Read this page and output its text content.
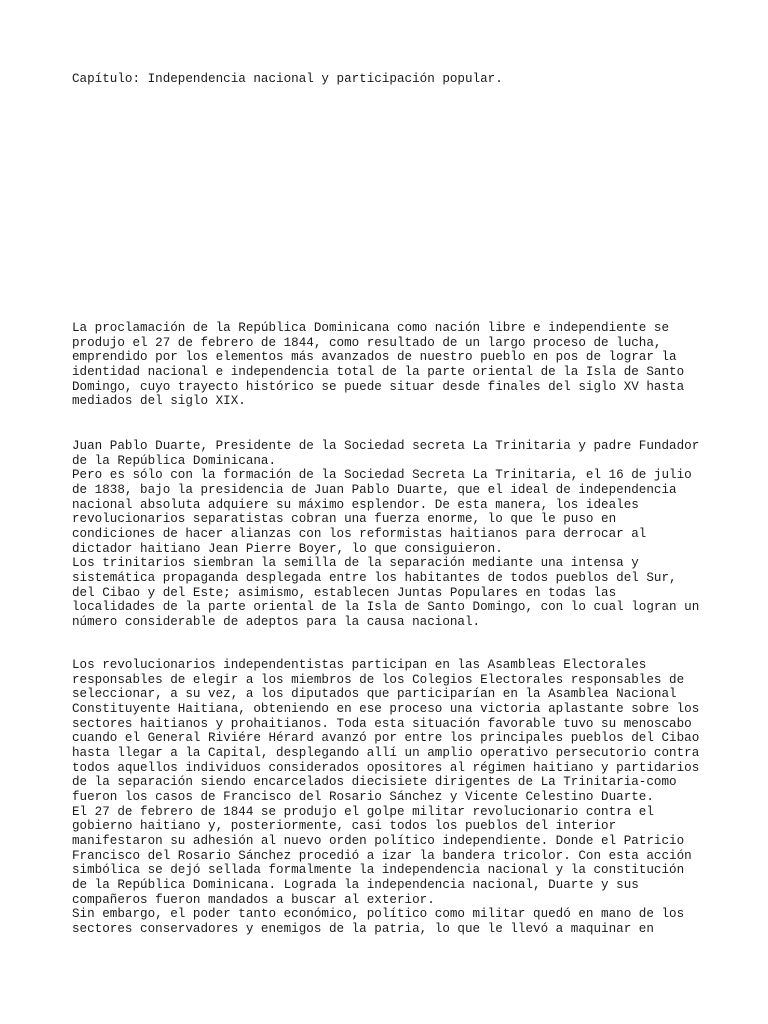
Capítulo: Independencia nacional y participación popular.

La proclamación de la República Dominicana como nación libre e independiente se
produjo el 27 de febrero de 1844, como resultado de un largo proceso de lucha,
emprendido por los elementos más avanzados de nuestro pueblo en pos de lograr la
identidad nacional e independencia total de la parte oriental de la Isla de Santo
Domingo, cuyo trayecto histórico se puede situar desde finales del siglo XV hasta
mediados del siglo XIX.

Juan Pablo Duarte, Presidente de la Sociedad secreta La Trinitaria y padre Fundador
de la República Dominicana.
Pero es sólo con la formación de la Sociedad Secreta La Trinitaria, el 16 de julio
de 1838, bajo la presidencia de Juan Pablo Duarte, que el ideal de independencia
nacional absoluta adquiere su máximo esplendor. De esta manera, los ideales
revolucionarios separatistas cobran una fuerza enorme, lo que le puso en
condiciones de hacer alianzas con los reformistas haitianos para derrocar al
dictador haitiano Jean Pierre Boyer, lo que consiguieron.
Los trinitarios siembran la semilla de la separación mediante una intensa y
sistemática propaganda desplegada entre los habitantes de todos pueblos del Sur,
del Cibao y del Este; asimismo, establecen Juntas Populares en todas las
localidades de la parte oriental de la Isla de Santo Domingo, con lo cual logran un
número considerable de adeptos para la causa nacional.

Los revolucionarios independentistas participan en las Asambleas Electorales
responsables de elegir a los miembros de los Colegios Electorales responsables de
seleccionar, a su vez, a los diputados que participarían en la Asamblea Nacional
Constituyente Haitiana, obteniendo en ese proceso una victoria aplastante sobre los
sectores haitianos y prohaitianos. Toda esta situación favorable tuvo su menoscabo
cuando el General Riviére Hérard avanzó por entre los principales pueblos del Cibao
hasta llegar a la Capital, desplegando allí un amplio operativo persecutorio contra
todos aquellos individuos considerados opositores al régimen haitiano y partidarios
de la separación siendo encarcelados diecisiete dirigentes de La Trinitaria-como
fueron los casos de Francisco del Rosario Sánchez y Vicente Celestino Duarte.
El 27 de febrero de 1844 se produjo el golpe militar revolucionario contra el
gobierno haitiano y, posteriormente, casi todos los pueblos del interior
manifestaron su adhesión al nuevo orden político independiente. Donde el Patricio
Francisco del Rosario Sánchez procedió a izar la bandera tricolor. Con esta acción
simbólica se dejó sellada formalmente la independencia nacional y la constitución
de la República Dominicana. Lograda la independencia nacional, Duarte y sus
compañeros fueron mandados a buscar al exterior.
Sin embargo, el poder tanto económico, político como militar quedó en mano de los
sectores conservadores y enemigos de la patria, lo que le llevó a maquinar en
